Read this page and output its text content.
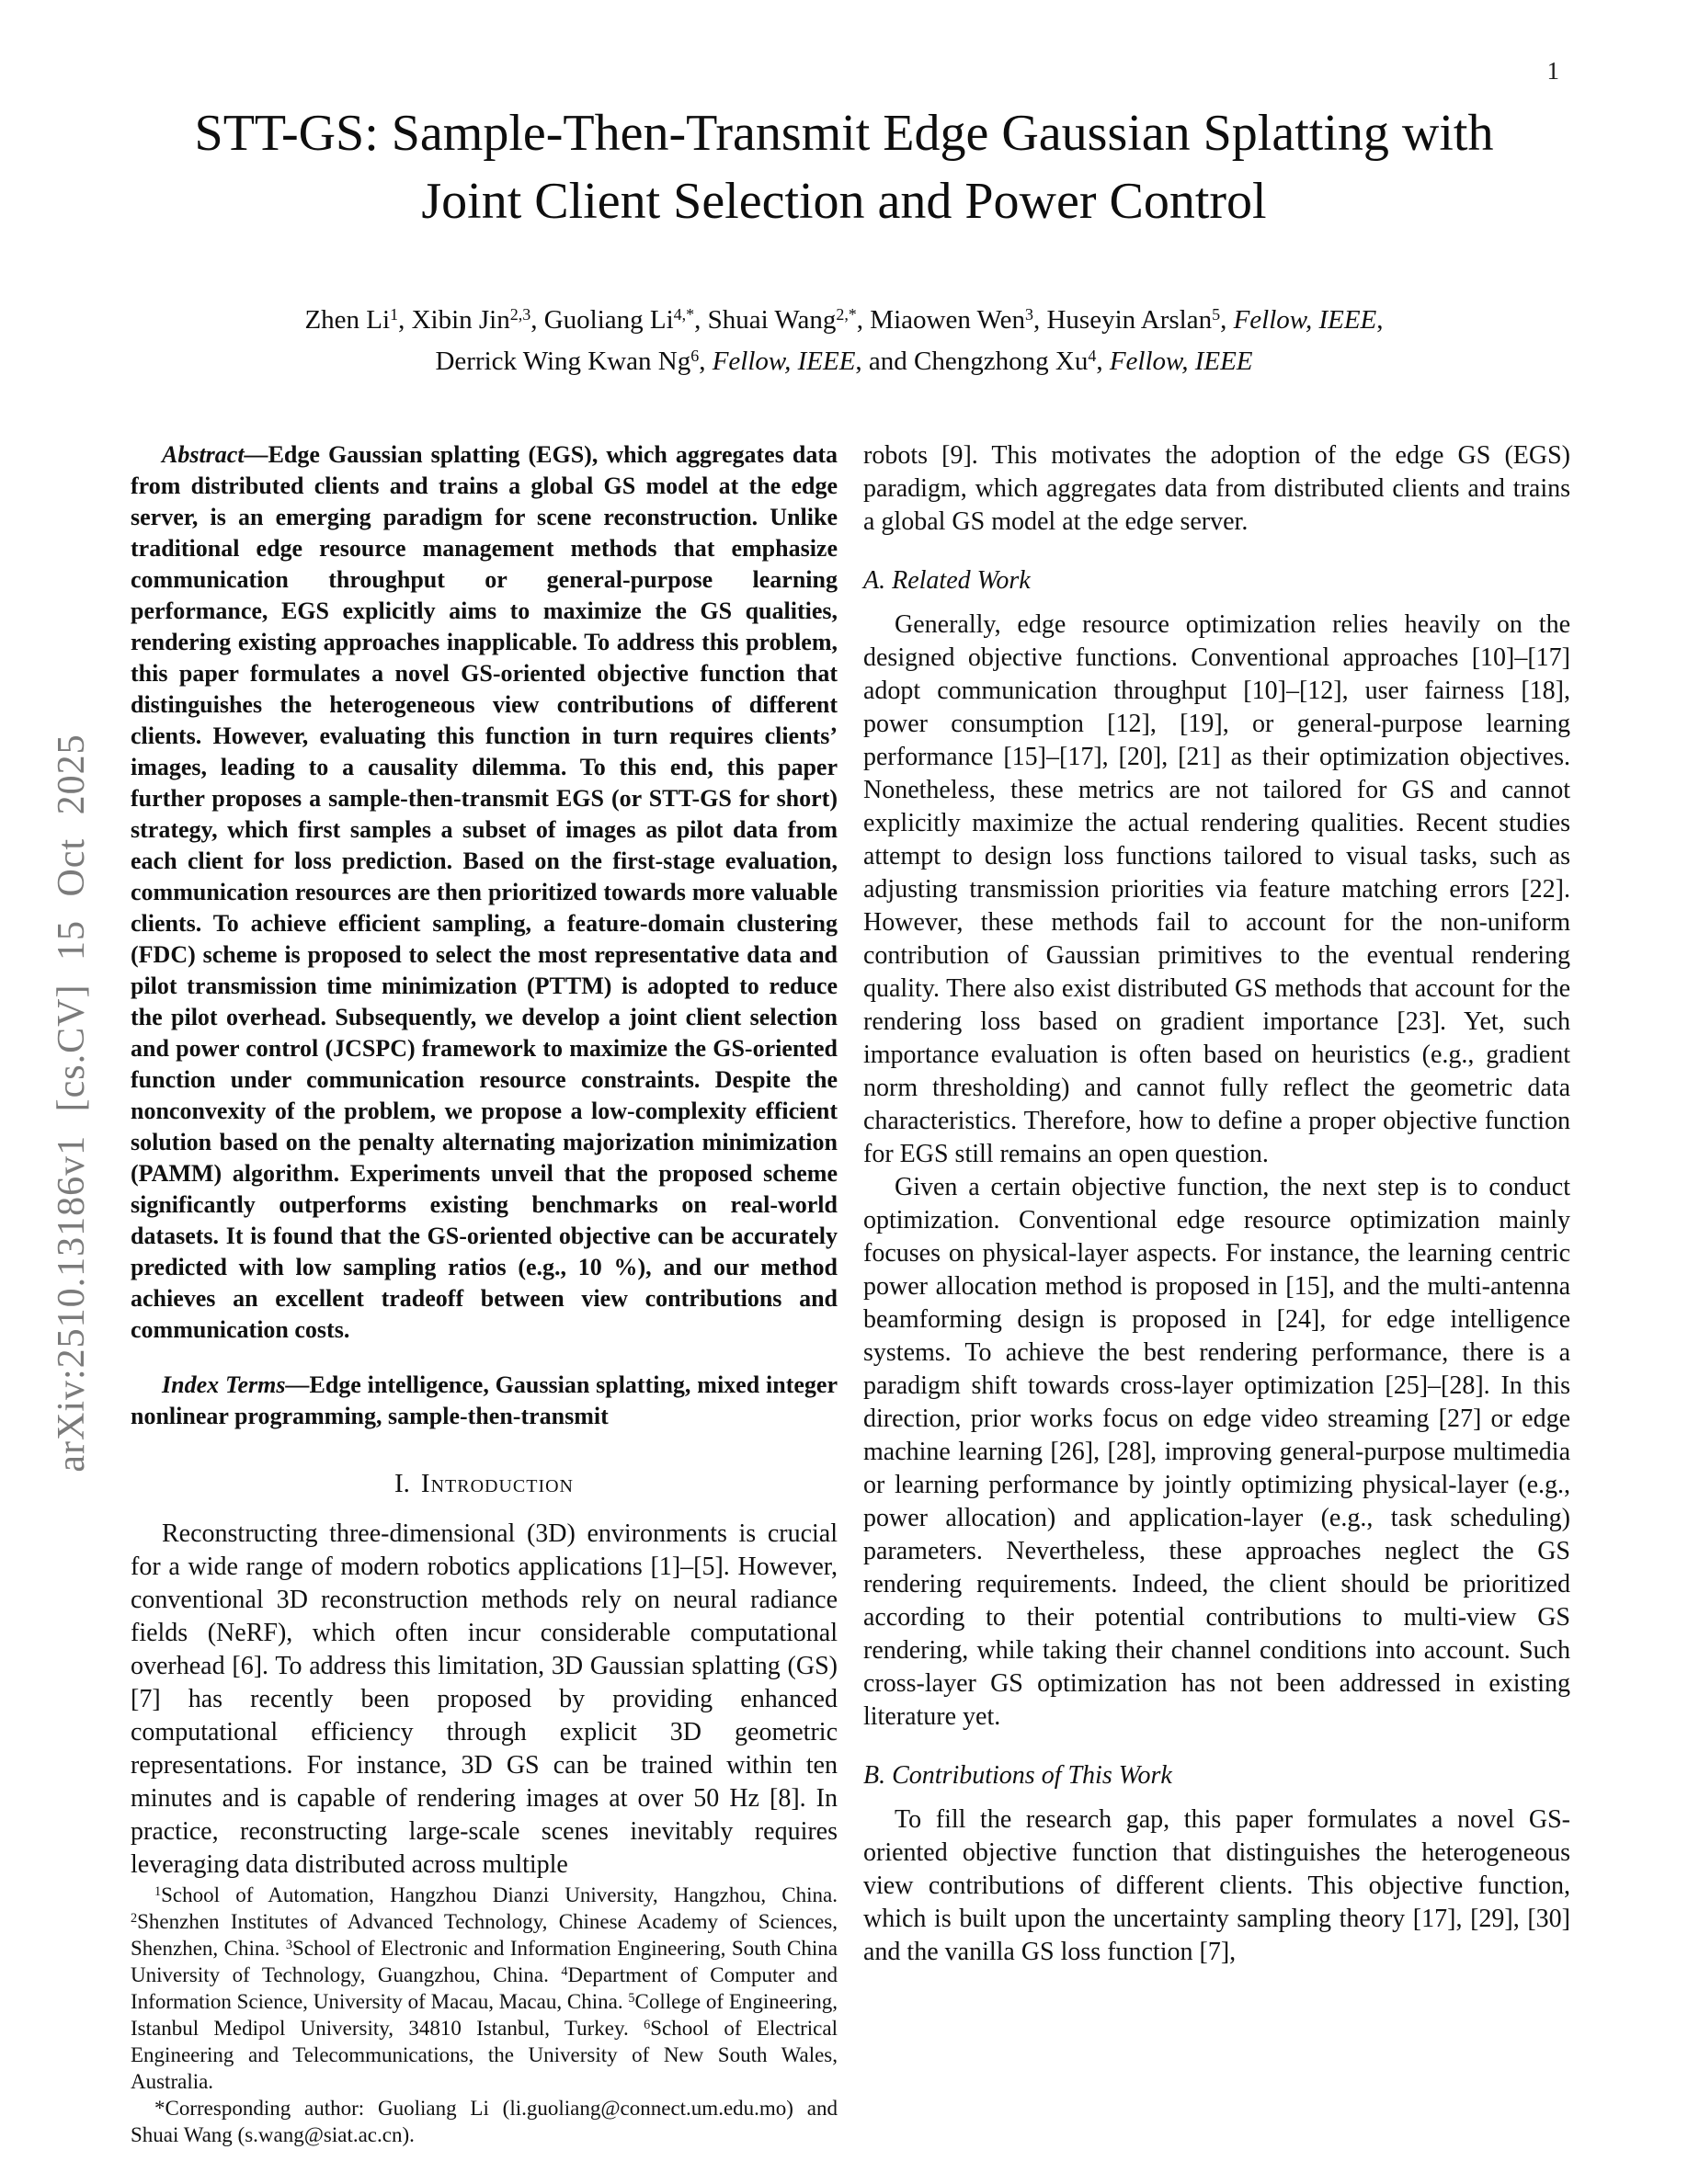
1
arXiv:2510.13186v1 [cs.CV] 15 Oct 2025
STT-GS: Sample-Then-Transmit Edge Gaussian Splatting with
Joint Client Selection and Power Control
Zhen Li$^1$, Xibin Jin$^{2,3}$, Guoliang $Li^{4,*}$, Shuai Wang$^{2,*}$, Miaowen Wen$^3$, Huseyin Arslan$^5$, Fellow, IEEE,
Derrick Wing Kwan Ng$^6$, Fellow, IEEE, and Chengzhong Xu$^4$, Fellow, IEEE

Abstract—Edge Gaussian splatting (EGS), which aggregates data from distributed clients and trains a global GS model at the edge server, is an emerging paradigm for scene reconstruction. Unlike traditional edge resource management methods that emphasize communication throughput or general-purpose learning performance, EGS explicitly aims to maximize the GS qualities, rendering existing approaches inapplicable. To address this problem, this paper formulates a novel GS-oriented objective function that distinguishes the heterogeneous view contributions of different clients. However, evaluating this function in turn requires clients’ images, leading to a causality dilemma. To this end, this paper further proposes a sample-then-transmit EGS (or STT-GS for short) strategy, which first samples a subset of images as pilot data from each client for loss prediction. Based on the first-stage evaluation, communication resources are then prioritized towards more valuable clients. To achieve efficient sampling, a feature-domain clustering (FDC) scheme is proposed to select the most representative data and pilot transmission time minimization (PTTM) is adopted to reduce the pilot overhead. Subsequently, we develop a joint client selection and power control (JCSPC) framework to maximize the GS-oriented function under communication resource constraints. Despite the nonconvexity of the problem, we propose a low-complexity efficient solution based on the penalty alternating majorization minimization (PAMM) algorithm. Experiments unveil that the proposed scheme significantly outperforms existing benchmarks on real-world datasets. It is found that the GS-oriented objective can be accurately predicted with low sampling ratios (e.g., 10 %), and our method achieves an excellent tradeoff between view contributions and communication costs.

Index Terms—Edge intelligence, Gaussian splatting, mixed integer nonlinear programming, sample-then-transmit

I. Introduction

Reconstructing three-dimensional (3D) environments is crucial for a wide range of modern robotics applications [1]–[5]. However, conventional 3D reconstruction methods rely on neural radiance fields (NeRF), which often incur considerable computational overhead [6]. To address this limitation, 3D Gaussian splatting (GS) [7] has recently been proposed by providing enhanced computational efficiency through explicit 3D geometric representations. For instance, 3D GS can be trained within ten minutes and is capable of rendering images at over 50 Hz [8]. In practice, reconstructing large-scale scenes inevitably requires leveraging data distributed across multiple

$^1$School of Automation, Hangzhou Dianzi University, Hangzhou, China. $^2$Shenzhen Institutes of Advanced Technology, Chinese Academy of Sciences, Shenzhen, China. $^3$School of Electronic and Information Engineering, South China University of Technology, Guangzhou, China. $^4$Department of Computer and Information Science, University of Macau, Macau, China. $^5$College of Engineering, Istanbul Medipol University, 34810 Istanbul, Turkey. $^6$School of Electrical Engineering and Telecommunications, the University of New South Wales, Australia.

*Corresponding author: Guoliang Li (li.guoliang@connect.um.edu.mo) and Shuai Wang (s.wang@siat.ac.cn).

robots [9]. This motivates the adoption of the edge GS (EGS) paradigm, which aggregates data from distributed clients and trains a global GS model at the edge server.

A. Related Work

Generally, edge resource optimization relies heavily on the designed objective functions. Conventional approaches [10]–[17] adopt communication throughput [10]–[12], user fairness [18], power consumption [12], [19], or general-purpose learning performance [15]–[17], [20], [21] as their optimization objectives. Nonetheless, these metrics are not tailored for GS and cannot explicitly maximize the actual rendering qualities. Recent studies attempt to design loss functions tailored to visual tasks, such as adjusting transmission priorities via feature matching errors [22]. However, these methods fail to account for the non-uniform contribution of Gaussian primitives to the eventual rendering quality. There also exist distributed GS methods that account for the rendering loss based on gradient importance [23]. Yet, such importance evaluation is often based on heuristics (e.g., gradient norm thresholding) and cannot fully reflect the geometric data characteristics. Therefore, how to define a proper objective function for EGS still remains an open question.

Given a certain objective function, the next step is to conduct optimization. Conventional edge resource optimization mainly focuses on physical-layer aspects. For instance, the learning centric power allocation method is proposed in [15], and the multi-antenna beamforming design is proposed in [24], for edge intelligence systems. To achieve the best rendering performance, there is a paradigm shift towards cross-layer optimization [25]–[28]. In this direction, prior works focus on edge video streaming [27] or edge machine learning [26], [28], improving general-purpose multimedia or learning performance by jointly optimizing physical-layer (e.g., power allocation) and application-layer (e.g., task scheduling) parameters. Nevertheless, these approaches neglect the GS rendering requirements. Indeed, the client should be prioritized according to their potential contributions to multi-view GS rendering, while taking their channel conditions into account. Such cross-layer GS optimization has not been addressed in existing literature yet.

B. Contributions of This Work

To fill the research gap, this paper formulates a novel GS-oriented objective function that distinguishes the heterogeneous view contributions of different clients. This objective function, which is built upon the uncertainty sampling theory [17], [29], [30] and the vanilla GS loss function [7],
